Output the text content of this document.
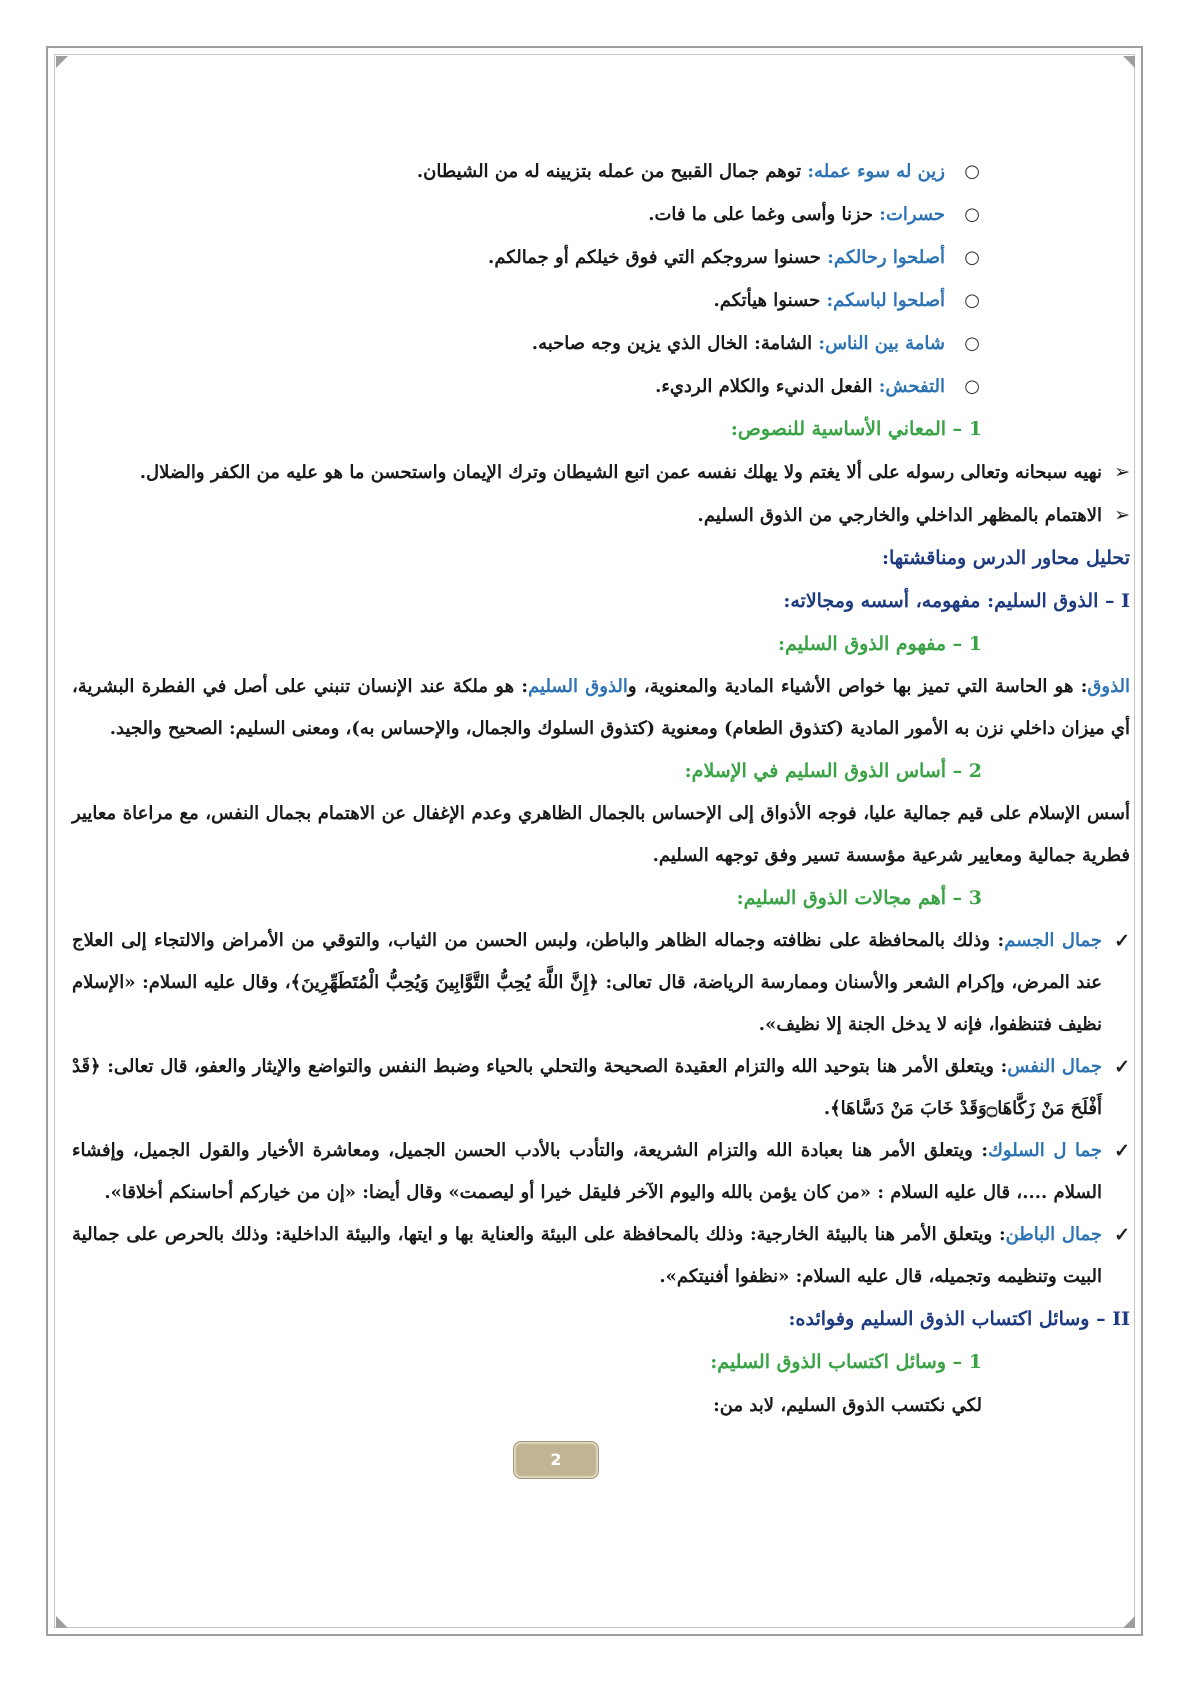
○ زين له سوء عمله: توهم جمال القبيح من عمله بتزيينه له من الشيطان.

○ حسرات: حزنا وأسى وغما على ما فات.

○ أصلحوا رحالكم: حسنوا سروجكم التي فوق خيلكم أو جمالكم.

○ أصلحوا لباسكم: حسنوا هيأتكم.

○ شامة بين الناس: الشامة: الخال الذي يزين وجه صاحبه.

○ التفحش: الفعل الدنيء والكلام الرديء.

1 – المعاني الأساسية للنصوص:

➢ نهيه سبحانه وتعالى رسوله على ألا يغتم ولا يهلك نفسه عمن اتبع الشيطان وترك الإيمان واستحسن ما هو عليه من الكفر والضلال.

➢ الاهتمام بالمظهر الداخلي والخارجي من الذوق السليم.

تحليل محاور الدرس ومناقشتها:

I – الذوق السليم: مفهومه، أسسه ومجالاته:

1 – مفهوم الذوق السليم:

الذوق: هو الحاسة التي تميز بها خواص الأشياء المادية والمعنوية، والذوق السليم: هو ملكة عند الإنسان تنبني على أصل في الفطرة البشرية، أي ميزان داخلي نزن به الأمور المادية (كتذوق الطعام) ومعنوية (كتذوق السلوك والجمال، والإحساس به)، ومعنى السليم: الصحيح والجيد.

2 – أساس الذوق السليم في الإسلام:

أسس الإسلام على قيم جمالية عليا، فوجه الأذواق إلى الإحساس بالجمال الظاهري وعدم الإغفال عن الاهتمام بجمال النفس، مع مراعاة معايير فطرية جمالية ومعايير شرعية مؤسسة تسير وفق توجهه السليم.

3 – أهم مجالات الذوق السليم:

✓ جمال الجسم: وذلك بالمحافظة على نظافته وجماله الظاهر والباطن، ولبس الحسن من الثياب، والتوقي من الأمراض والالتجاء إلى العلاج عند المرض، وإكرام الشعر والأسنان وممارسة الرياضة، قال تعالى: ﴿إِنَّ اللَّهَ يُحِبُّ التَّوَّابِينَ وَيُحِبُّ الْمُتَطَهِّرِينَ﴾، وقال عليه السلام: «الإسلام نظيف فتنظفوا، فإنه لا يدخل الجنة إلا نظيف».

✓ جمال النفس: ويتعلق الأمر هنا بتوحيد الله والتزام العقيدة الصحيحة والتحلي بالحياء وضبط النفس والتواضع والإيثار والعفو، قال تعالى: ﴿قَدْ أَفْلَحَ مَنْ زَكَّاهَا۝وَقَدْ خَابَ مَنْ دَسَّاهَا﴾.

✓ جما ل السلوك: ويتعلق الأمر هنا بعبادة الله والتزام الشريعة، والتأدب بالأدب الحسن الجميل، ومعاشرة الأخيار والقول الجميل، وإفشاء السلام ....، قال عليه السلام : «من كان يؤمن بالله واليوم الآخر فليقل خيرا أو ليصمت» وقال أيضا: «إن من خياركم أحاسنكم أخلاقا».

✓ جمال الباطن: ويتعلق الأمر هنا بالبيئة الخارجية: وذلك بالمحافظة على البيئة والعناية بها و ايتها، والبيئة الداخلية: وذلك بالحرص على جمالية البيت وتنظيمه وتجميله، قال عليه السلام: «نظفوا أفنيتكم».

II – وسائل اكتساب الذوق السليم وفوائده:

1 – وسائل اكتساب الذوق السليم:

لكي نكتسب الذوق السليم، لابد من:

2
